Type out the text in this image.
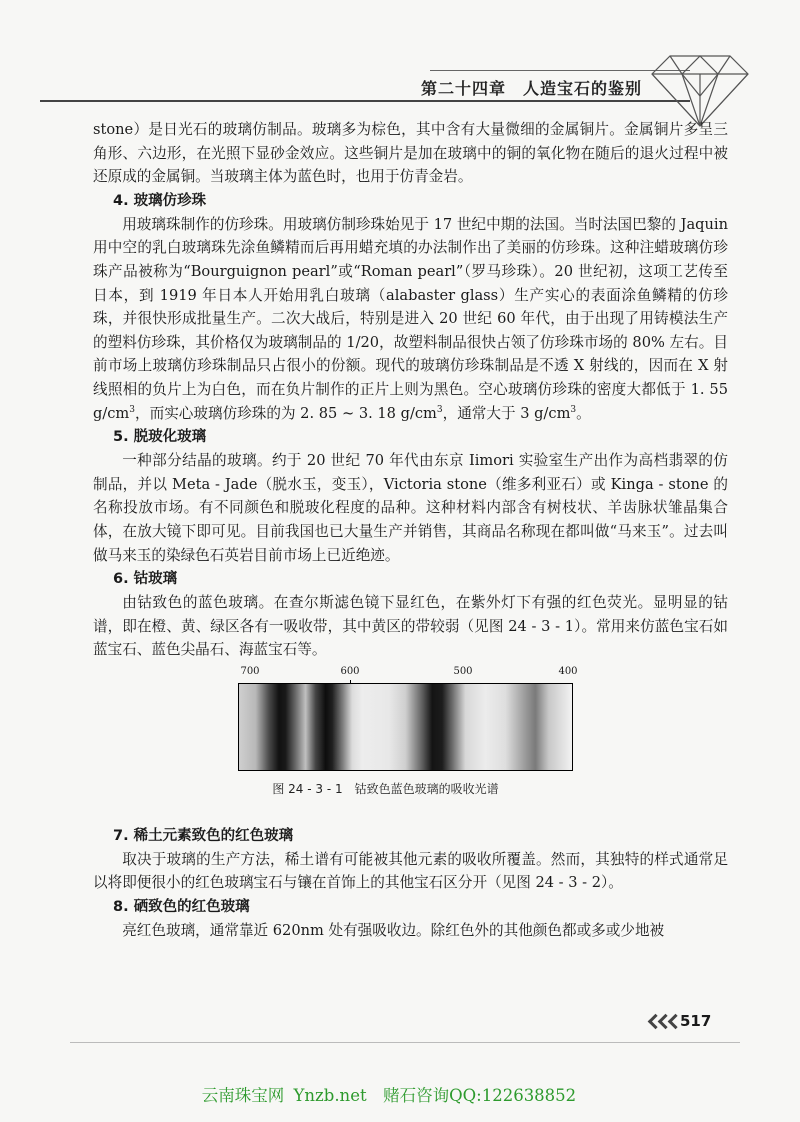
第二十四章　人造宝石的鉴别

stone）是日光石的玻璃仿制品。玻璃多为棕色，其中含有大量微细的金属铜片。金属铜片多呈三角形、六边形，在光照下显砂金效应。这些铜片是加在玻璃中的铜的氧化物在随后的退火过程中被还原成的金属铜。当玻璃主体为蓝色时，也用于仿青金岩。

4. 玻璃仿珍珠

用玻璃珠制作的仿珍珠。用玻璃仿制珍珠始见于 17 世纪中期的法国。当时法国巴黎的 Jaquin 用中空的乳白玻璃珠先涂鱼鳞精而后再用蜡充填的办法制作出了美丽的仿珍珠。这种注蜡玻璃仿珍珠产品被称为“Bourguignon pearl”或“Roman pearl”（罗马珍珠）。20 世纪初，这项工艺传至日本，到 1919 年日本人开始用乳白玻璃（alabaster glass）生产实心的表面涂鱼鳞精的仿珍珠，并很快形成批量生产。二次大战后，特别是进入 20 世纪 60 年代，由于出现了用铸模法生产的塑料仿珍珠，其价格仅为玻璃制品的 1/20，故塑料制品很快占领了仿珍珠市场的 80% 左右。目前市场上玻璃仿珍珠制品只占很小的份额。现代的玻璃仿珍珠制品是不透 X 射线的，因而在 X 射线照相的负片上为白色，而在负片制作的正片上则为黑色。空心玻璃仿珍珠的密度大都低于 1. 55 $g/cm^3$，而实心玻璃仿珍珠的为 2. 85 ~ 3. 18 $g/cm^3$，通常大于 3 $g/cm^3$。

5. 脱玻化玻璃

一种部分结晶的玻璃。约于 20 世纪 70 年代由东京 Iimori 实验室生产出作为高档翡翠的仿制品，并以 Meta - Jade（脱水玉，变玉），Victoria stone（维多利亚石）或 Kinga - stone 的名称投放市场。有不同颜色和脱玻化程度的品种。这种材料内部含有树枝状、羊齿脉状雏晶集合体，在放大镜下即可见。目前我国也已大量生产并销售，其商品名称现在都叫做“马来玉”。过去叫做马来玉的染绿色石英岩目前市场上已近绝迹。

6. 钴玻璃

由钴致色的蓝色玻璃。在查尔斯滤色镜下显红色，在紫外灯下有强的红色荧光。显明显的钴谱，即在橙、黄、绿区各有一吸收带，其中黄区的带较弱（见图 24 - 3 - 1）。常用来仿蓝色宝石如蓝宝石、蓝色尖晶石、海蓝宝石等。

700	600	500	400
图 24 - 3 - 1　钴致色蓝色玻璃的吸收光谱
7. 稀土元素致色的红色玻璃

取决于玻璃的生产方法，稀土谱有可能被其他元素的吸收所覆盖。然而，其独特的样式通常足以将即便很小的红色玻璃宝石与镶在首饰上的其他宝石区分开（见图 24 - 3 - 2）。

8. 硒致色的红色玻璃

亮红色玻璃，通常靠近 620nm 处有强吸收边。除红色外的其他颜色都或多或少地被

517
云南珠宝网 Ynzb.net　赌石咨询QQ:122638852
